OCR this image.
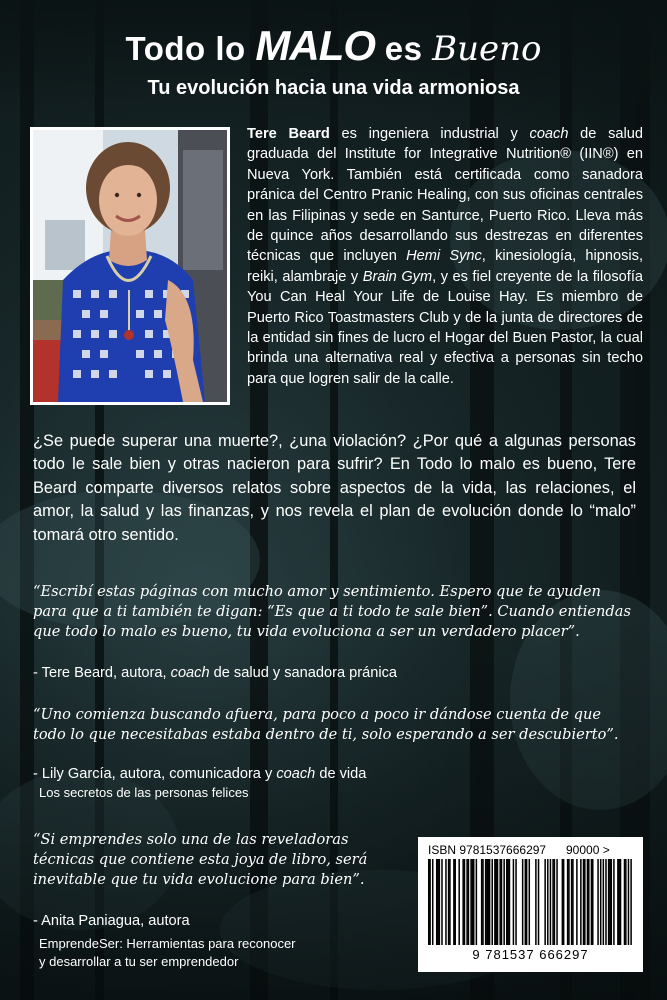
Todo lo MALO es Bueno
Tu evolución hacia una vida armoniosa
Tere Beard es ingeniera industrial y coach de salud graduada del Institute for Integrative Nutrition® (IIN®) en Nueva York. También está certificada como sanadora pránica del Centro Pranic Healing, con sus oficinas centrales en las Filipinas y sede en Santurce, Puerto Rico. Lleva más de quince años desarrollando sus destrezas en diferentes técnicas que incluyen Hemi Sync, kinesiología, hipnosis, reiki, alambraje y Brain Gym, y es fiel creyente de la filosofía You Can Heal Your Life de Louise Hay. Es miembro de Puerto Rico Toastmasters Club y de la junta de directores de la entidad sin fines de lucro el Hogar del Buen Pastor, la cual brinda una alternativa real y efectiva a personas sin techo para que logren salir de la calle.
¿Se puede superar una muerte?, ¿una violación? ¿Por qué a algunas personas todo le sale bien y otras nacieron para sufrir? En Todo lo malo es bueno, Tere Beard comparte diversos relatos sobre aspectos de la vida, las relaciones, el amor, la salud y las finanzas, y nos revela el plan de evolución donde lo “malo” tomará otro sentido.
“Escribí estas páginas con mucho amor y sentimiento. Espero que te ayuden para que a ti también te digan: “Es que a ti todo te sale bien”. Cuando entiendas que todo lo malo es bueno, tu vida evoluciona a ser un verdadero placer”.
- Tere Beard, autora, coach de salud y sanadora pránica
“Uno comienza buscando afuera, para poco a poco ir dándose cuenta de que todo lo que necesitabas estaba dentro de ti, solo esperando a ser descubierto”.
- Lily García, autora, comunicadora y coach de vida
Los secretos de las personas felices
“Si emprendes solo una de las reveladoras técnicas que contiene esta joya de libro, será inevitable que tu vida evolucione para bien”.
- Anita Paniagua, autora
EmprendeSer: Herramientas para reconocer
y desarrollar a tu ser emprendedor
ISBN 9781537666297 90000 >
9 781537 666297
